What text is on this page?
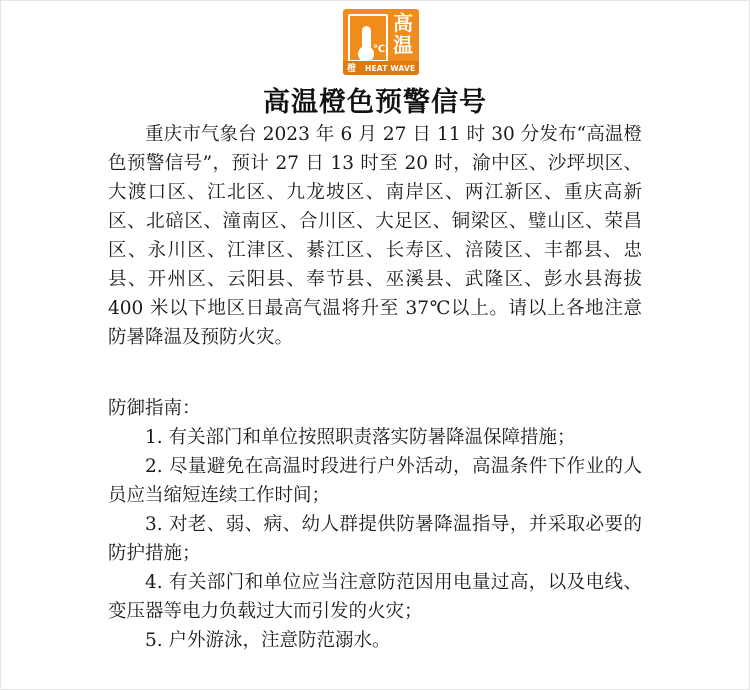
℃
高温
橙 HEAT WAVE
高温橙色预警信号

重庆市气象台 2023 年 6 月 27 日 11 时 30 分发布“高温橙色预警信号”，预计 27 日 13 时至 20 时，渝中区、沙坪坝区、大渡口区、江北区、九龙坡区、南岸区、两江新区、重庆高新区、北碚区、潼南区、合川区、大足区、铜梁区、璧山区、荣昌区、永川区、江津区、綦江区、长寿区、涪陵区、丰都县、忠县、开州区、云阳县、奉节县、巫溪县、武隆区、彭水县海拔 400 米以下地区日最高气温将升至 37℃以上。请以上各地注意防暑降温及预防火灾。

防御指南：

1. 有关部门和单位按照职责落实防暑降温保障措施；

2. 尽量避免在高温时段进行户外活动，高温条件下作业的人员应当缩短连续工作时间；

3. 对老、弱、病、幼人群提供防暑降温指导，并采取必要的防护措施；

4. 有关部门和单位应当注意防范因用电量过高，以及电线、变压器等电力负载过大而引发的火灾；

5. 户外游泳，注意防范溺水。
